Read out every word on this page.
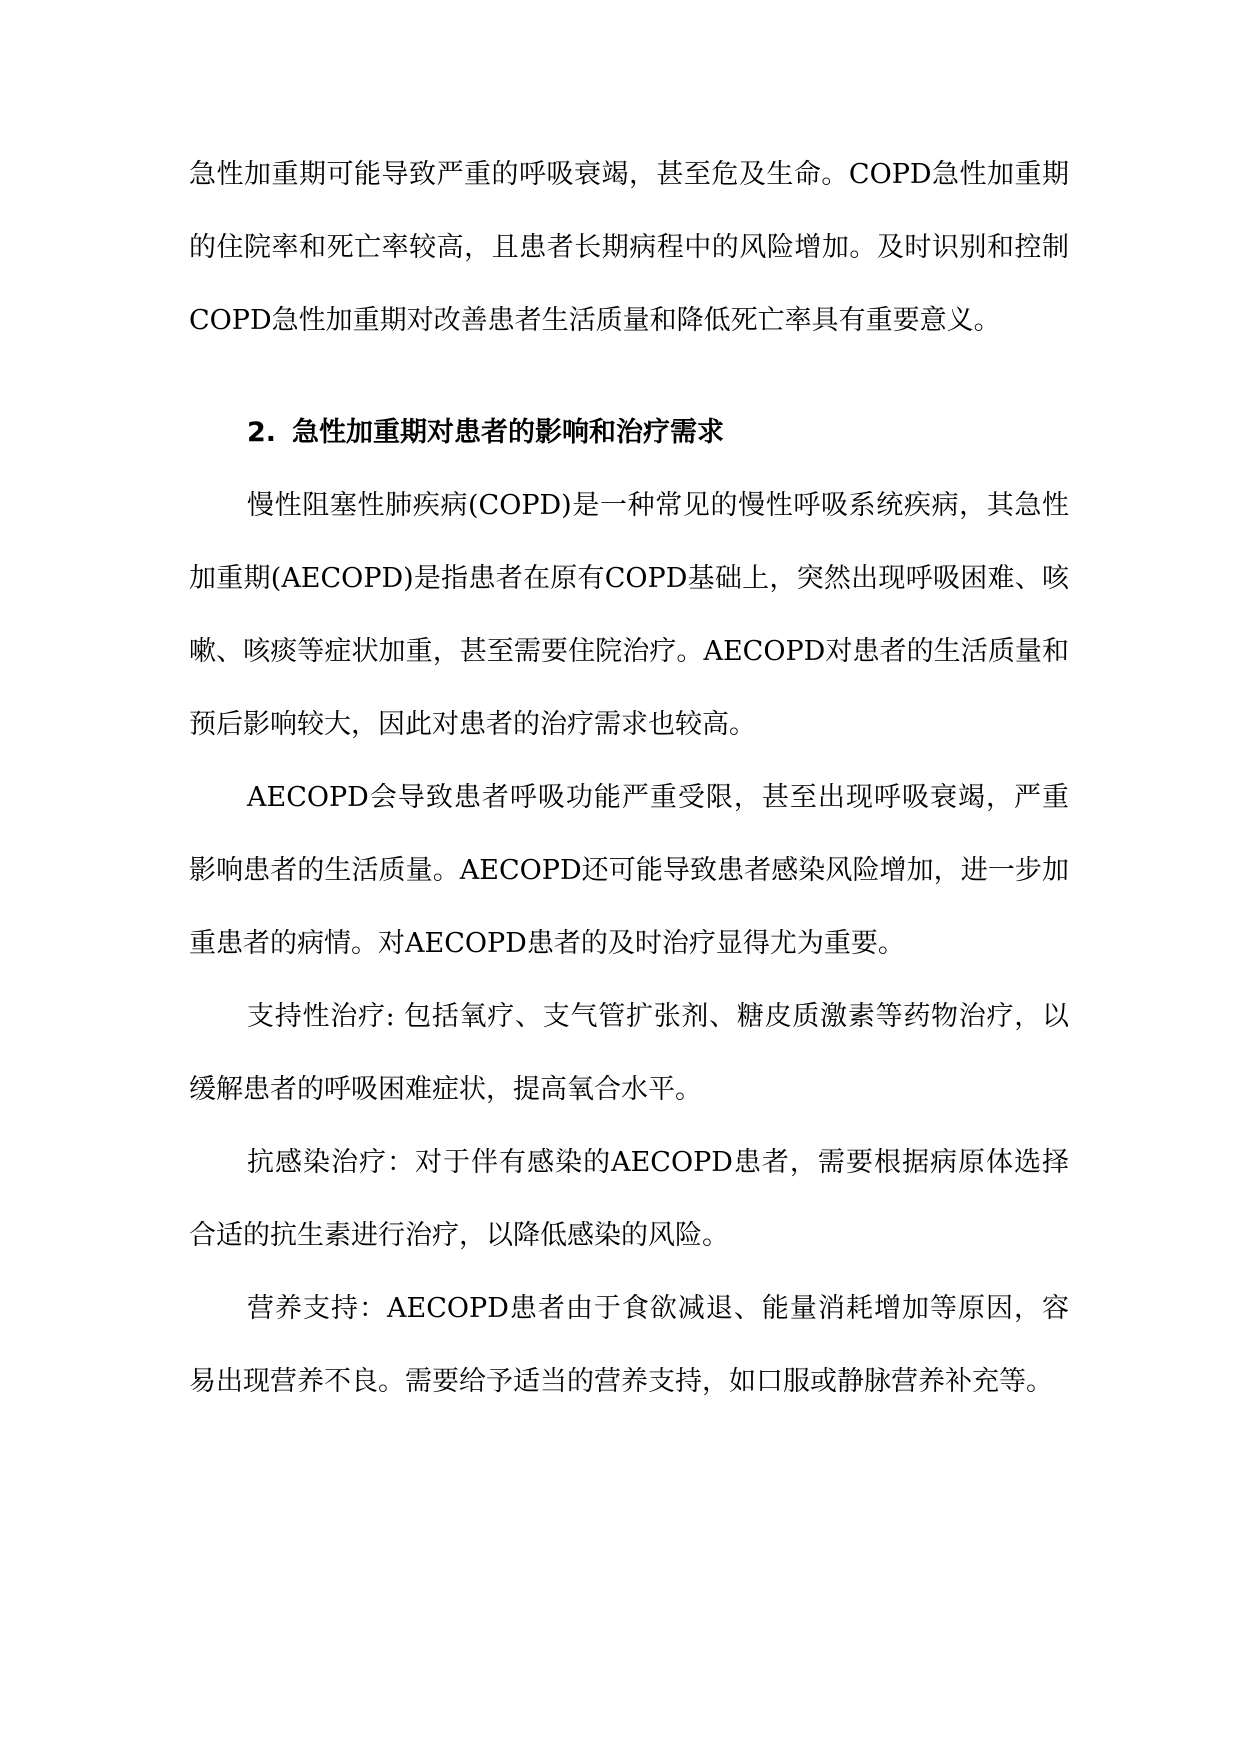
急性加重期可能导致严重的呼吸衰竭，甚至危及生命。COPD急性加重期的住院率和死亡率较高，且患者长期病程中的风险增加。及时识别和控制COPD急性加重期对改善患者生活质量和降低死亡率具有重要意义。

2. 急性加重期对患者的影响和治疗需求

慢性阻塞性肺疾病(COPD)是一种常见的慢性呼吸系统疾病，其急性加重期(AECOPD)是指患者在原有COPD基础上，突然出现呼吸困难、咳嗽、咳痰等症状加重，甚至需要住院治疗。AECOPD对患者的生活质量和预后影响较大，因此对患者的治疗需求也较高。

AECOPD会导致患者呼吸功能严重受限，甚至出现呼吸衰竭，严重影响患者的生活质量。AECOPD还可能导致患者感染风险增加，进一步加重患者的病情。对AECOPD患者的及时治疗显得尤为重要。

支持性治疗: 包括氧疗、支气管扩张剂、糖皮质激素等药物治疗，以缓解患者的呼吸困难症状，提高氧合水平。

抗感染治疗：对于伴有感染的AECOPD患者，需要根据病原体选择合适的抗生素进行治疗，以降低感染的风险。

营养支持：AECOPD患者由于食欲减退、能量消耗增加等原因，容易出现营养不良。需要给予适当的营养支持，如口服或静脉营养补充等。
